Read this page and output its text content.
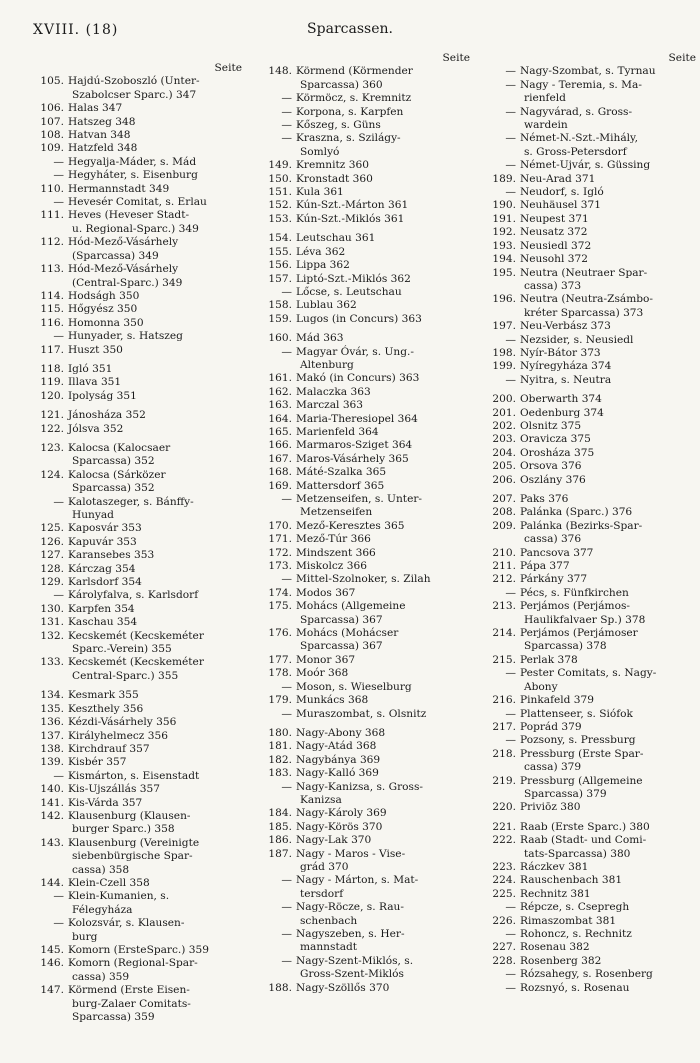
XVIII. (18)	Sparcassen.
Seite
105. Hajdú-Szoboszló (Unter-
Szabolcser Sparc.) 347
106. Halas 347
107. Hatszeg 348
108. Hatvan 348
109. Hatzfeld 348
— Hegyalja-Máder, s. Mád
— Hegyháter, s. Eisenburg
110. Hermannstadt 349
— Hevesér Comitat, s. Erlau
111. Heves (Heveser Stadt-
u. Regional-Sparc.) 349
112. Hód-Mező-Vásárhely
(Sparcassa) 349
113. Hód-Mező-Vásárhely
(Central-Sparc.) 349
114. Hodságh 350
115. Hőgyész 350
116. Homonna 350
— Hunyader, s. Hatszeg
117. Huszt 350
118. Igló 351
119. Illava 351
120. Ipolyság 351
121. Jánosháza 352
122. Jólsva 352
123. Kalocsa (Kalocsaer
Sparcassa) 352
124. Kalocsa (Sárközer
Sparcassa) 352
— Kalotaszeger, s. Bánffy-
Hunyad
125. Kaposvár 353
126. Kapuvár 353
127. Karansebes 353
128. Kárczag 354
129. Karlsdorf 354
— Károlyfalva, s. Karlsdorf
130. Karpfen 354
131. Kaschau 354
132. Kecskemét (Kecskeméter
Sparc.-Verein) 355
133. Kecskemét (Kecskeméter
Central-Sparc.) 355
134. Kesmark 355
135. Keszthely 356
136. Kézdi-Vásárhely 356
137. Királyhelmecz 356
138. Kirchdrauf 357
139. Kisbér 357
— Kismárton, s. Eisenstadt
140. Kis-Ujszállás 357
141. Kis-Várda 357
142. Klausenburg (Klausen-
burger Sparc.) 358
143. Klausenburg (Vereinigte
siebenbürgische Spar-
cassa) 358
144. Klein-Czell 358
— Klein-Kumanien, s.
Félegyháza
— Kolozsvár, s. Klausen-
burg
145. Komorn (ErsteSparc.) 359
146. Komorn (Regional-Spar-
cassa) 359
147. Körmend (Erste Eisen-
burg-Zalaer Comitats-
Sparcassa) 359
Seite
148. Körmend (Körmender
Sparcassa) 360
— Körmöcz, s. Kremnitz
— Korpona, s. Karpfen
— Kőszeg, s. Güns
— Kraszna, s. Szilágy-
Somlyó
149. Kremnitz 360
150. Kronstadt 360
151. Kula 361
152. Kún-Szt.-Márton 361
153. Kún-Szt.-Miklós 361
154. Leutschau 361
155. Léva 362
156. Lippa 362
157. Liptó-Szt.-Miklós 362
— Lőcse, s. Leutschau
158. Lublau 362
159. Lugos (in Concurs) 363
160. Mád 363
— Magyar Óvár, s. Ung.-
Altenburg
161. Makó (in Concurs) 363
162. Malaczka 363
163. Marczal 363
164. Maria-Theresiopel 364
165. Marienfeld 364
166. Marmaros-Sziget 364
167. Maros-Vásárhely 365
168. Máté-Szalka 365
169. Mattersdorf 365
— Metzenseifen, s. Unter-
Metzenseifen
170. Mező-Keresztes 365
171. Mező-Túr 366
172. Mindszent 366
173. Miskolcz 366
— Mittel-Szolnoker, s. Zilah
174. Modos 367
175. Mohács (Allgemeine
Sparcassa) 367
176. Mohács (Mohácser
Sparcassa) 367
177. Monor 367
178. Moór 368
— Moson, s. Wieselburg
179. Munkács 368
— Muraszombat, s. Olsnitz
180. Nagy-Abony 368
181. Nagy-Atád 368
182. Nagybánya 369
183. Nagy-Kalló 369
— Nagy-Kanizsa, s. Gross-
Kanizsa
184. Nagy-Károly 369
185. Nagy-Körös 370
186. Nagy-Lak 370
187. Nagy - Maros - Vise-
grád 370
— Nagy - Márton, s. Mat-
tersdorf
— Nagy-Röcze, s. Rau-
schenbach
— Nagyszeben, s. Her-
mannstadt
— Nagy-Szent-Miklós, s.
Gross-Szent-Miklós
188. Nagy-Szöllős 370
Seite
— Nagy-Szombat, s. Tyrnau
— Nagy - Teremia, s. Ma-
rienfeld
— Nagyvárad, s. Gross-
wardein
— Német-N.-Szt.-Mihály,
s. Gross-Petersdorf
— Német-Ujvár, s. Güssing
189. Neu-Arad 371
— Neudorf, s. Igló
190. Neuhäusel 371
191. Neupest 371
192. Neusatz 372
193. Neusiedl 372
194. Neusohl 372
195. Neutra (Neutraer Spar-
cassa) 373
196. Neutra (Neutra-Zsámbo-
kréter Sparcassa) 373
197. Neu-Verbász 373
— Nezsider, s. Neusiedl
198. Nyír-Bátor 373
199. Nyíregyháza 374
— Nyitra, s. Neutra
200. Oberwarth 374
201. Oedenburg 374
202. Olsnitz 375
203. Oravicza 375
204. Orosháza 375
205. Orsova 376
206. Oszlány 376
207. Paks 376
208. Palánka (Sparc.) 376
209. Palánka (Bezirks-Spar-
cassa) 376
210. Pancsova 377
211. Pápa 377
212. Párkány 377
— Pécs, s. Fünfkirchen
213. Perjámos (Perjámos-
Haulikfalvaer Sp.) 378
214. Perjámos (Perjámoser
Sparcassa) 378
215. Perlak 378
— Pester Comitats, s. Nagy-
Abony
216. Pinkafeld 379
— Plattenseer, s. Siófok
217. Poprád 379
— Pozsony, s. Pressburg
218. Pressburg (Erste Spar-
cassa) 379
219. Pressburg (Allgemeine
Sparcassa) 379
220. Priviōz 380
221. Raab (Erste Sparc.) 380
222. Raab (Stadt- und Comi-
tats-Sparcassa) 380
223. Ráczkev 381
224. Rauschenbach 381
225. Rechnitz 381
— Répcze, s. Csepregh
226. Rimaszombat 381
— Rohoncz, s. Rechnitz
227. Rosenau 382
228. Rosenberg 382
— Rózsahegy, s. Rosenberg
— Rozsnyó, s. Rosenau
